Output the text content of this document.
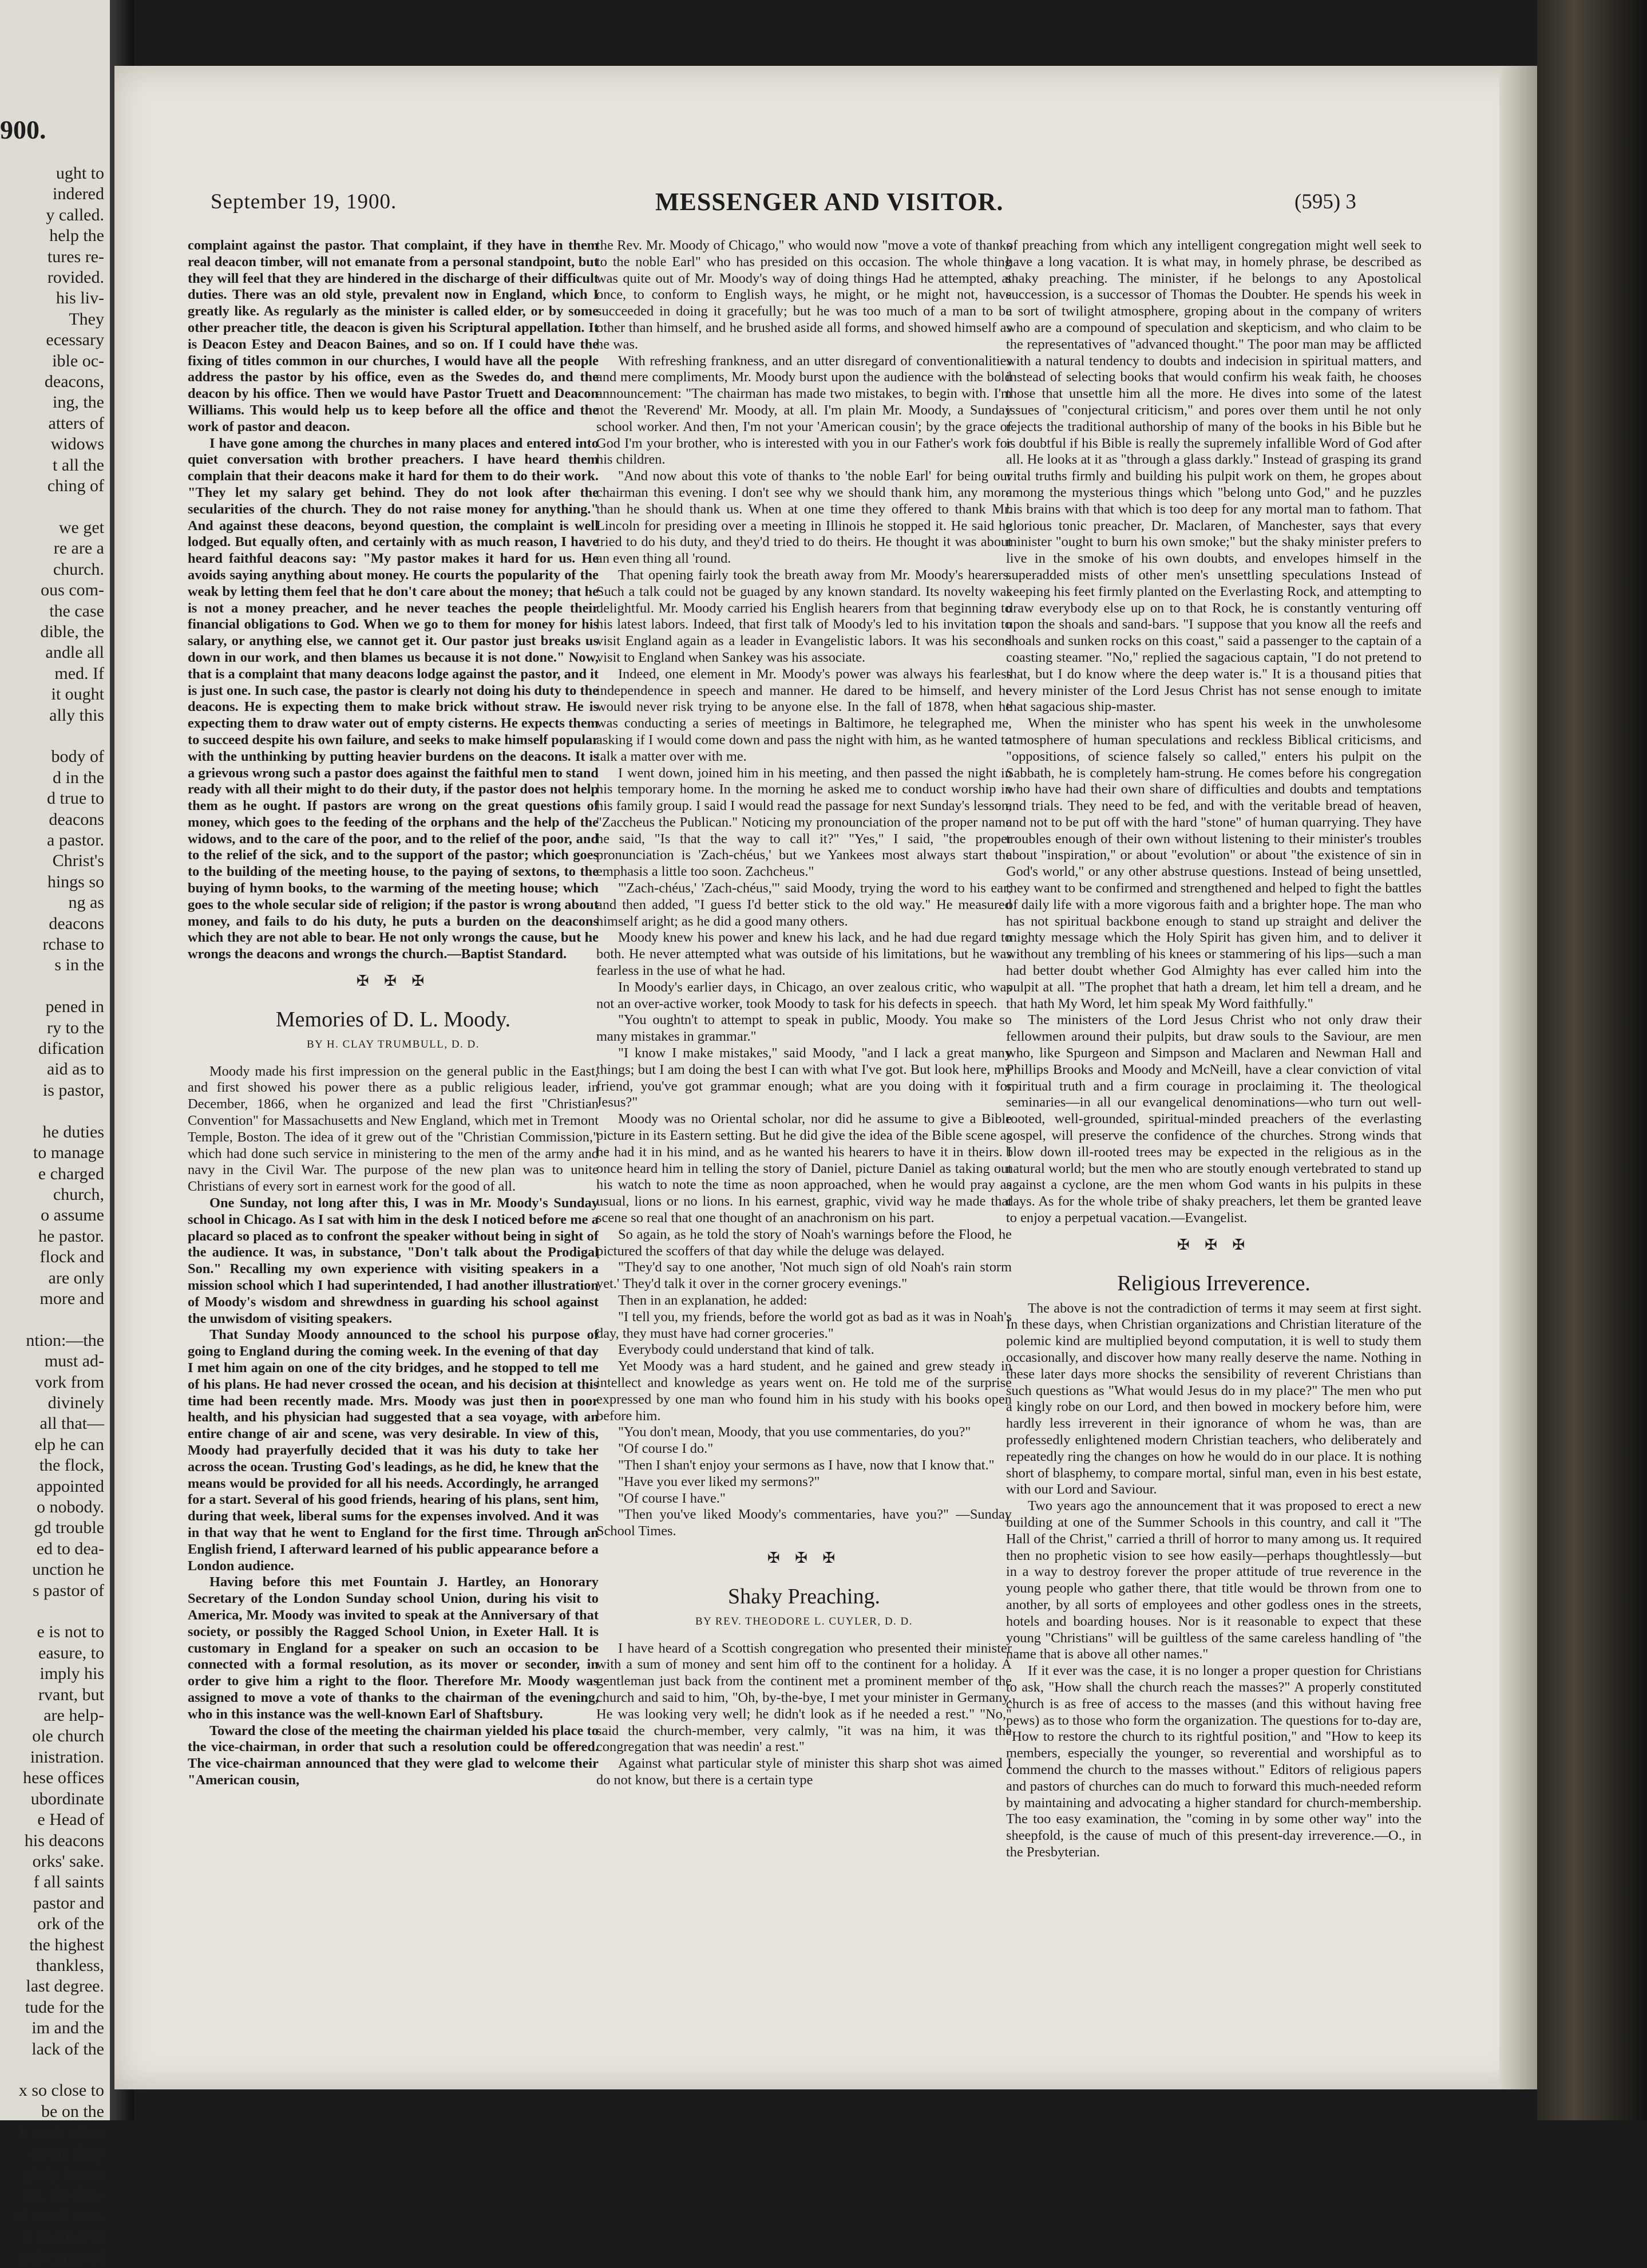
900.
ught to
indered
y called.
help the
tures re-
rovided.
his liv-
They
ecessary
ible oc-
deacons,
ing, the
atters of
widows
t all the
ching of

we get
re are a
church.
ous com-
the case
dible, the
andle all
med. If
it ought
ally this

body of
d in the
d true to
deacons
a pastor.
Christ's
hings so
ng as
deacons
rchase to
s in the

pened in
ry to the
dification
aid as to
is pastor,

he duties
to manage
e charged
church,
o assume
he pastor.
flock and
are only
more and

ntion:—the
must ad-
vork from
divinely
all that—
elp he can
the flock,
appointed
o nobody.
gd trouble
ed to dea-
unction he
s pastor of

e is not to
easure, to
imply his
rvant, but
are help-
ole church
inistration.
hese offices
ubordinate
e Head of
his deacons
orks' sake.
f all saints
pastor and
ork of the
the highest
thankless,
last degree.
tude for the
im and the
lack of the

x so close to
be on the
h each other
to the duty
ghtly honor
on, the dea-
of small con-
ll and never
real cause of
September 19, 1900.	MESSENGER AND VISITOR.	(595) 3

complaint against the pastor. That complaint, if they have in them real deacon timber, will not emanate from a personal standpoint, but they will feel that they are hindered in the discharge of their difficult duties. There was an old style, prevalent now in England, which I greatly like. As regularly as the minister is called elder, or by some other preacher title, the deacon is given his Scriptural appellation. It is Deacon Estey and Deacon Baines, and so on. If I could have the fixing of titles common in our churches, I would have all the people address the pastor by his office, even as the Swedes do, and the deacon by his office. Then we would have Pastor Truett and Deacon Williams. This would help us to keep before all the office and the work of pastor and deacon.

I have gone among the churches in many places and entered into quiet conversation with brother preachers. I have heard them complain that their deacons make it hard for them to do their work. "They let my salary get behind. They do not look after the secularities of the church. They do not raise money for anything." And against these deacons, beyond question, the complaint is well lodged. But equally often, and certainly with as much reason, I have heard faithful deacons say: "My pastor makes it hard for us. He avoids saying anything about money. He courts the popularity of the weak by letting them feel that he don't care about the money; that he is not a money preacher, and he never teaches the people their financial obligations to God. When we go to them for money for his salary, or anything else, we cannot get it. Our pastor just breaks us down in our work, and then blames us because it is not done." Now, that is a complaint that many deacons lodge against the pastor, and it is just one. In such case, the pastor is clearly not doing his duty to the deacons. He is expecting them to make brick without straw. He is expecting them to draw water out of empty cisterns. He expects them to succeed despite his own failure, and seeks to make himself popular with the unthinking by putting heavier burdens on the deacons. It is a grievous wrong such a pastor does against the faithful men to stand ready with all their might to do their duty, if the pastor does not help them as he ought. If pastors are wrong on the great questions of money, which goes to the feeding of the orphans and the help of the widows, and to the care of the poor, and to the relief of the poor, and to the relief of the sick, and to the support of the pastor; which goes to the building of the meeting house, to the paying of sextons, to the buying of hymn books, to the warming of the meeting house; which goes to the whole secular side of religion; if the pastor is wrong about money, and fails to do his duty, he puts a burden on the deacons which they are not able to bear. He not only wrongs the cause, but he wrongs the deacons and wrongs the church.—Baptist Standard.

✠ ✠ ✠
Memories of D. L. Moody.
BY H. CLAY TRUMBULL, D. D.

Moody made his first impression on the general public in the East, and first showed his power there as a public religious leader, in December, 1866, when he organized and lead the first "Christian Convention" for Massachusetts and New England, which met in Tremont Temple, Boston. The idea of it grew out of the "Christian Commission," which had done such service in ministering to the men of the army and navy in the Civil War. The purpose of the new plan was to unite Christians of every sort in earnest work for the good of all.

One Sunday, not long after this, I was in Mr. Moody's Sunday school in Chicago. As I sat with him in the desk I noticed before me a placard so placed as to confront the speaker without being in sight of the audience. It was, in substance, "Don't talk about the Prodigal Son." Recalling my own experience with visiting speakers in a mission school which I had superintended, I had another illustration of Moody's wisdom and shrewdness in guarding his school against the unwisdom of visiting speakers.

That Sunday Moody announced to the school his purpose of going to England during the coming week. In the evening of that day I met him again on one of the city bridges, and he stopped to tell me of his plans. He had never crossed the ocean, and his decision at this time had been recently made. Mrs. Moody was just then in poor health, and his physician had suggested that a sea voyage, with an entire change of air and scene, was very desirable. In view of this, Moody had prayerfully decided that it was his duty to take her across the ocean. Trusting God's leadings, as he did, he knew that the means would be provided for all his needs. Accordingly, he arranged for a start. Several of his good friends, hearing of his plans, sent him, during that week, liberal sums for the expenses involved. And it was in that way that he went to England for the first time. Through an English friend, I afterward learned of his public appearance before a London audience.

Having before this met Fountain J. Hartley, an Honorary Secretary of the London Sunday school Union, during his visit to America, Mr. Moody was invited to speak at the Anniversary of that society, or possibly the Ragged School Union, in Exeter Hall. It is customary in England for a speaker on such an occasion to be connected with a formal resolution, as its mover or seconder, in order to give him a right to the floor. Therefore Mr. Moody was assigned to move a vote of thanks to the chairman of the evening, who in this instance was the well-known Earl of Shaftsbury.

Toward the close of the meeting the chairman yielded his place to the vice-chairman, in order that such a resolution could be offered. The vice-chairman announced that they were glad to welcome their "American cousin,

the Rev. Mr. Moody of Chicago," who would now "move a vote of thanks to the noble Earl" who has presided on this occasion. The whole thing was quite out of Mr. Moody's way of doing things Had he attempted, at once, to conform to English ways, he might, or he might not, have succeeded in doing it gracefully; but he was too much of a man to be other than himself, and he brushed aside all forms, and showed himself as he was.

With refreshing frankness, and an utter disregard of conventionalities and mere compliments, Mr. Moody burst upon the audience with the bold announcement: "The chairman has made two mistakes, to begin with. I'm not the 'Reverend' Mr. Moody, at all. I'm plain Mr. Moody, a Sunday school worker. And then, I'm not your 'American cousin'; by the grace of God I'm your brother, who is interested with you in our Father's work for his children.

"And now about this vote of thanks to 'the noble Earl' for being our chairman this evening. I don't see why we should thank him, any more than he should thank us. When at one time they offered to thank Mr. Lincoln for presiding over a meeting in Illinois he stopped it. He said he tried to do his duty, and they'd tried to do theirs. He thought it was about an even thing all 'round.

That opening fairly took the breath away from Mr. Moody's hearers. Such a talk could not be guaged by any known standard. Its novelty was delightful. Mr. Moody carried his English hearers from that beginning to his latest labors. Indeed, that first talk of Moody's led to his invitation to visit England again as a leader in Evangelistic labors. It was his second visit to England when Sankey was his associate.

Indeed, one element in Mr. Moody's power was always his fearless independence in speech and manner. He dared to be himself, and he would never risk trying to be anyone else. In the fall of 1878, when he was conducting a series of meetings in Baltimore, he telegraphed me, asking if I would come down and pass the night with him, as he wanted to talk a matter over with me.

I went down, joined him in his meeting, and then passed the night in his temporary home. In the morning he asked me to conduct worship in his family group. I said I would read the passage for next Sunday's lesson, "Zaccheus the Publican." Noticing my pronounciation of the proper name he said, "Is that the way to call it?" "Yes," I said, "the proper pronunciation is 'Zach-chéus,' but we Yankees most always start the emphasis a little too soon. Zachcheus."

"'Zach-chéus,' 'Zach-chéus,'" said Moody, trying the word to his ear; and then added, "I guess I'd better stick to the old way." He measured himself aright; as he did a good many others.

Moody knew his power and knew his lack, and he had due regard to both. He never attempted what was outside of his limitations, but he was fearless in the use of what he had.

In Moody's earlier days, in Chicago, an over zealous critic, who was not an over-active worker, took Moody to task for his defects in speech.

"You oughtn't to attempt to speak in public, Moody. You make so many mistakes in grammar."

"I know I make mistakes," said Moody, "and I lack a great many things; but I am doing the best I can with what I've got. But look here, my friend, you've got grammar enough; what are you doing with it for Jesus?"

Moody was no Oriental scholar, nor did he assume to give a Bible picture in its Eastern setting. But he did give the idea of the Bible scene as he had it in his mind, and as he wanted his hearers to have it in theirs. I once heard him in telling the story of Daniel, picture Daniel as taking out his watch to note the time as noon approached, when he would pray as usual, lions or no lions. In his earnest, graphic, vivid way he made that scene so real that one thought of an anachronism on his part.

So again, as he told the story of Noah's warnings before the Flood, he pictured the scoffers of that day while the deluge was delayed.

"They'd say to one another, 'Not much sign of old Noah's rain storm yet.' They'd talk it over in the corner grocery evenings."

Then in an explanation, he added:

"I tell you, my friends, before the world got as bad as it was in Noah's day, they must have had corner groceries."

Everybody could understand that kind of talk.

Yet Moody was a hard student, and he gained and grew steady in intellect and knowledge as years went on. He told me of the surprise expressed by one man who found him in his study with his books open before him.

"You don't mean, Moody, that you use commentaries, do you?"

"Of course I do."

"Then I shan't enjoy your sermons as I have, now that I know that."

"Have you ever liked my sermons?"

"Of course I have."

"Then you've liked Moody's commentaries, have you?" —Sunday School Times.

✠ ✠ ✠
Shaky Preaching.
BY REV. THEODORE L. CUYLER, D. D.

I have heard of a Scottish congregation who presented their minister with a sum of money and sent him off to the continent for a holiday. A gentleman just back from the continent met a prominent member of the church and said to him, "Oh, by-the-bye, I met your minister in Germany. He was looking very well; he didn't look as if he needed a rest." "No," said the church-member, very calmly, "it was na him, it was the congregation that was needin' a rest."

Against what particular style of minister this sharp shot was aimed I do not know, but there is a certain type

of preaching from which any intelligent congregation might well seek to have a long vacation. It is what may, in homely phrase, be described as shaky preaching. The minister, if he belongs to any Apostolical succession, is a successor of Thomas the Doubter. He spends his week in a sort of twilight atmosphere, groping about in the company of writers who are a compound of speculation and skepticism, and who claim to be the representatives of "advanced thought." The poor man may be afflicted with a natural tendency to doubts and indecision in spiritual matters, and instead of selecting books that would confirm his weak faith, he chooses those that unsettle him all the more. He dives into some of the latest issues of "conjectural criticism," and pores over them until he not only rejects the traditional authorship of many of the books in his Bible but he is doubtful if his Bible is really the supremely infallible Word of God after all. He looks at it as "through a glass darkly." Instead of grasping its grand vital truths firmly and building his pulpit work on them, he gropes about among the mysterious things which "belong unto God," and he puzzles his brains with that which is too deep for any mortal man to fathom. That glorious tonic preacher, Dr. Maclaren, of Manchester, says that every minister "ought to burn his own smoke;" but the shaky minister prefers to live in the smoke of his own doubts, and envelopes himself in the superadded mists of other men's unsettling speculations Instead of keeping his feet firmly planted on the Everlasting Rock, and attempting to draw everybody else up on to that Rock, he is constantly venturing off upon the shoals and sand-bars. "I suppose that you know all the reefs and shoals and sunken rocks on this coast," said a passenger to the captain of a coasting steamer. "No," replied the sagacious captain, "I do not pretend to that, but I do know where the deep water is." It is a thousand pities that every minister of the Lord Jesus Christ has not sense enough to imitate that sagacious ship-master.

When the minister who has spent his week in the unwholesome atmosphere of human speculations and reckless Biblical criticisms, and "oppositions, of science falsely so called," enters his pulpit on the Sabbath, he is completely ham-strung. He comes before his congregation who have had their own share of difficulties and doubts and temptations and trials. They need to be fed, and with the veritable bread of heaven, and not to be put off with the hard "stone" of human quarrying. They have troubles enough of their own without listening to their minister's troubles about "inspiration," or about "evolution" or about "the existence of sin in God's world," or any other abstruse questions. Instead of being unsettled, they want to be confirmed and strengthened and helped to fight the battles of daily life with a more vigorous faith and a brighter hope. The man who has not spiritual backbone enough to stand up straight and deliver the mighty message which the Holy Spirit has given him, and to deliver it without any trembling of his knees or stammering of his lips—such a man had better doubt whether God Almighty has ever called him into the pulpit at all. "The prophet that hath a dream, let him tell a dream, and he that hath My Word, let him speak My Word faithfully."

The ministers of the Lord Jesus Christ who not only draw their fellowmen around their pulpits, but draw souls to the Saviour, are men who, like Spurgeon and Simpson and Maclaren and Newman Hall and Phillips Brooks and Moody and McNeill, have a clear conviction of vital spiritual truth and a firm courage in proclaiming it. The theological seminaries—in all our evangelical denominations—who turn out well-rooted, well-grounded, spiritual-minded preachers of the everlasting gospel, will preserve the confidence of the churches. Strong winds that blow down ill-rooted trees may be expected in the religious as in the natural world; but the men who are stoutly enough vertebrated to stand up against a cyclone, are the men whom God wants in his pulpits in these days. As for the whole tribe of shaky preachers, let them be granted leave to enjoy a perpetual vacation.—Evangelist.

✠ ✠ ✠
Religious Irreverence.

The above is not the contradiction of terms it may seem at first sight. In these days, when Christian organizations and Christian literature of the polemic kind are multiplied beyond computation, it is well to study them occasionally, and discover how many really deserve the name. Nothing in these later days more shocks the sensibility of reverent Christians than such questions as "What would Jesus do in my place?" The men who put a kingly robe on our Lord, and then bowed in mockery before him, were hardly less irreverent in their ignorance of whom he was, than are professedly enlightened modern Christian teachers, who deliberately and repeatedly ring the changes on how he would do in our place. It is nothing short of blasphemy, to compare mortal, sinful man, even in his best estate, with our Lord and Saviour.

Two years ago the announcement that it was proposed to erect a new building at one of the Summer Schools in this country, and call it "The Hall of the Christ," carried a thrill of horror to many among us. It required then no prophetic vision to see how easily—perhaps thoughtlessly—but in a way to destroy forever the proper attitude of true reverence in the young people who gather there, that title would be thrown from one to another, by all sorts of employees and other godless ones in the streets, hotels and boarding houses. Nor is it reasonable to expect that these young "Christians" will be guiltless of the same careless handling of "the name that is above all other names."

If it ever was the case, it is no longer a proper question for Christians to ask, "How shall the church reach the masses?" A properly constituted church is as free of access to the masses (and this without having free pews) as to those who form the organization. The questions for to-day are, "How to restore the church to its rightful position," and "How to keep its members, especially the younger, so reverential and worshipful as to commend the church to the masses without." Editors of religious papers and pastors of churches can do much to forward this much-needed reform by maintaining and advocating a higher standard for church-membership. The too easy examination, the "coming in by some other way" into the sheepfold, is the cause of much of this present-day irreverence.—O., in the Presbyterian.
